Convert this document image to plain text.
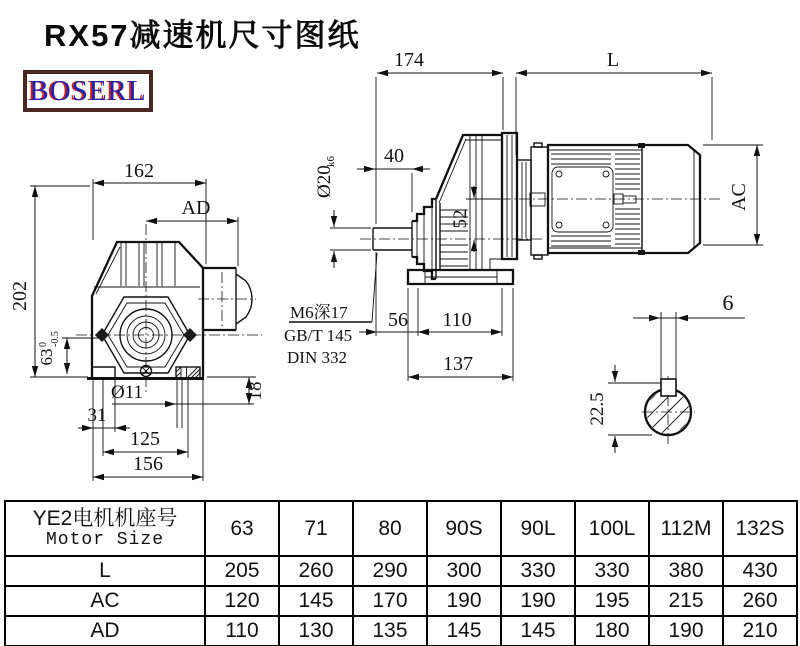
RX57减速机尺寸图纸
BOSERL
162
AD
202
63
0 -0.5
Ø11
31
125
156
18
174	L
40
Ø20
k6
52
56 110
137
AC
M6深17
GB/T 145
DIN 332
6
22.5
YE2电机机座号
Motor Size	63	71	80	90S	90L	100L	112M	132S
L	205	260	290	300	330	330	380	430
AC	120	145	170	190	190	195	215	260
AD	110	130	135	145	145	180	190	210
